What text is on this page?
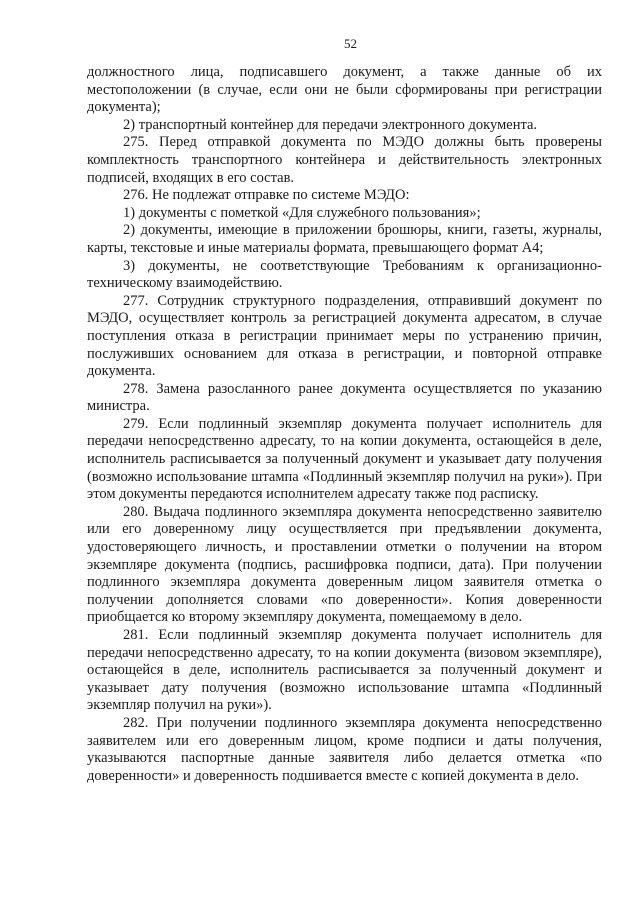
52

должностного лица, подписавшего документ, а также данные об их местоположении (в случае, если они не были сформированы при регистрации документа);

2) транспортный контейнер для передачи электронного документа.

275. Перед отправкой документа по МЭДО должны быть проверены комплектность транспортного контейнера и действительность электронных подписей, входящих в его состав.

276. Не подлежат отправке по системе МЭДО:

1) документы с пометкой «Для служебного пользования»;

2) документы, имеющие в приложении брошюры, книги, газеты, журналы, карты, текстовые и иные материалы формата, превышающего формат А4;

3) документы, не соответствующие Требованиям к организационно-техническому взаимодействию.

277. Сотрудник структурного подразделения, отправивший документ по МЭДО, осуществляет контроль за регистрацией документа адресатом, в случае поступления отказа в регистрации принимает меры по устранению причин, послуживших основанием для отказа в регистрации, и повторной отправке документа.

278. Замена разосланного ранее документа осуществляется по указанию министра.

279. Если подлинный экземпляр документа получает исполнитель для передачи непосредственно адресату, то на копии документа, остающейся в деле, исполнитель расписывается за полученный документ и указывает дату получения (возможно использование штампа «Подлинный экземпляр получил на руки»). При этом документы передаются исполнителем адресату также под расписку.

280. Выдача подлинного экземпляра документа непосредственно заявителю или его доверенному лицу осуществляется при предъявлении документа, удостоверяющего личность, и проставлении отметки о получении на втором экземпляре документа (подпись, расшифровка подписи, дата). При получении подлинного экземпляра документа доверенным лицом заявителя отметка о получении дополняется словами «по доверенности». Копия доверенности приобщается ко второму экземпляру документа, помещаемому в дело.

281. Если подлинный экземпляр документа получает исполнитель для передачи непосредственно адресату, то на копии документа (визовом экземпляре), остающейся в деле, исполнитель расписывается за полученный документ и указывает дату получения (возможно использование штампа «Подлинный экземпляр получил на руки»).

282. При получении подлинного экземпляра документа непосредственно заявителем или его доверенным лицом, кроме подписи и даты получения, указываются паспортные данные заявителя либо делается отметка «по доверенности» и доверенность подшивается вместе с копией документа в дело.
